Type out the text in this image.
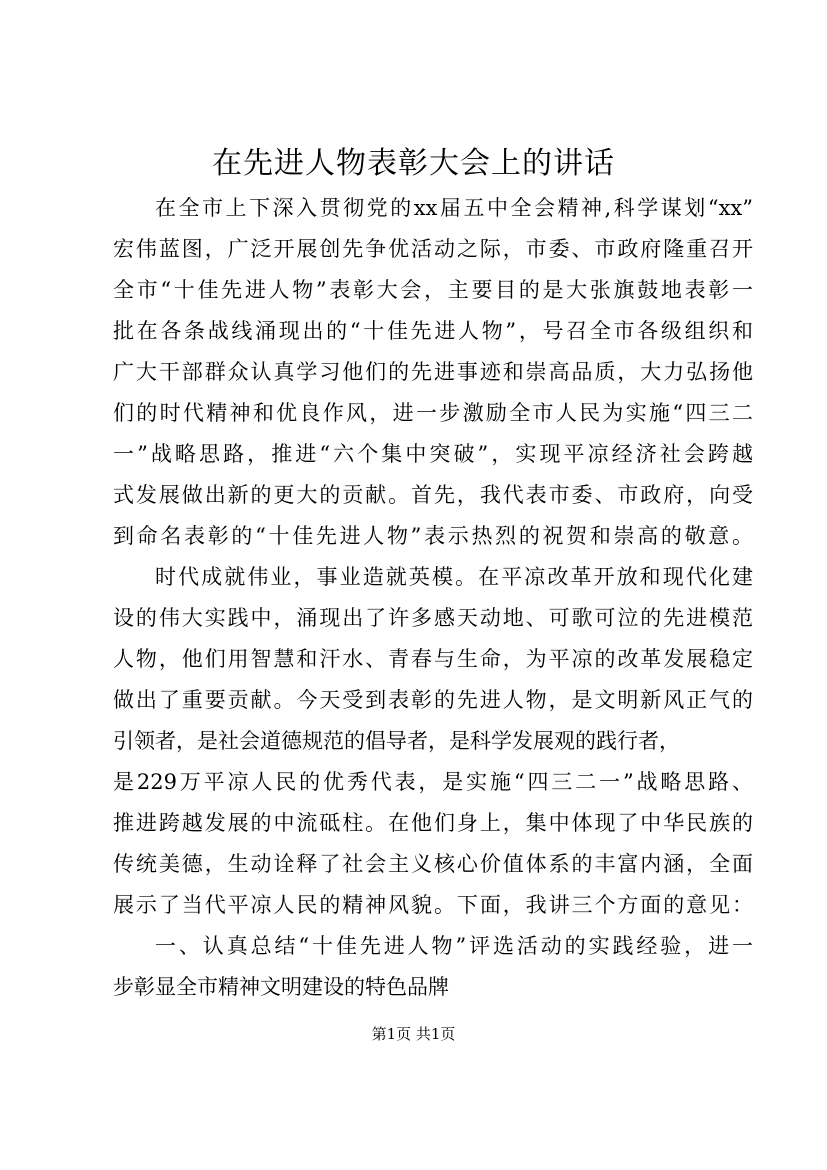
在先进人物表彰大会上的讲话
在全市上下深入贯彻党的xx届五中全会精神,科学谋划“xx”
宏伟蓝图，广泛开展创先争优活动之际，市委、市政府隆重召开
全市“十佳先进人物”表彰大会，主要目的是大张旗鼓地表彰一
批在各条战线涌现出的“十佳先进人物”，号召全市各级组织和
广大干部群众认真学习他们的先进事迹和崇高品质，大力弘扬他
们的时代精神和优良作风，进一步激励全市人民为实施“四三二
一”战略思路，推进“六个集中突破”，实现平凉经济社会跨越
式发展做出新的更大的贡献。首先，我代表市委、市政府，向受
到命名表彰的“十佳先进人物”表示热烈的祝贺和崇高的敬意。
时代成就伟业，事业造就英模。在平凉改革开放和现代化建
设的伟大实践中，涌现出了许多感天动地、可歌可泣的先进模范
人物，他们用智慧和汗水、青春与生命，为平凉的改革发展稳定
做出了重要贡献。今天受到表彰的先进人物，是文明新风正气的
引领者，是社会道德规范的倡导者，是科学发展观的践行者，
是229万平凉人民的优秀代表，是实施“四三二一”战略思路、
推进跨越发展的中流砥柱。在他们身上，集中体现了中华民族的
传统美德，生动诠释了社会主义核心价值体系的丰富内涵，全面
展示了当代平凉人民的精神风貌。下面，我讲三个方面的意见：
一、认真总结“十佳先进人物”评选活动的实践经验，进一
步彰显全市精神文明建设的特色品牌
第1页 共1页
